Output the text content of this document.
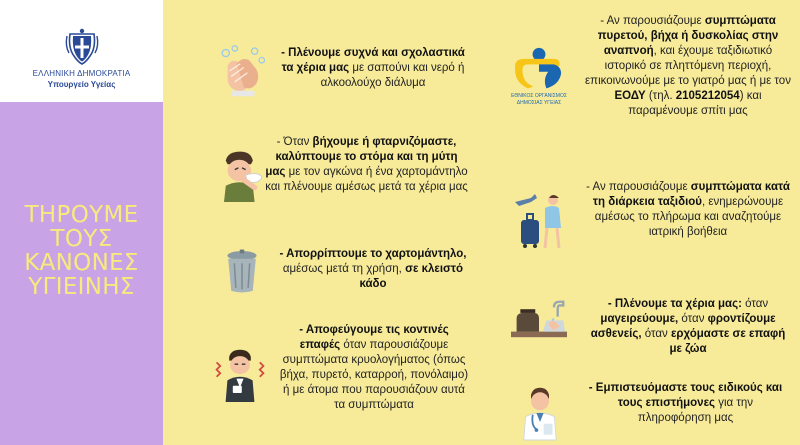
ΕΛΛΗΝΙΚΗ ΔΗΜΟΚΡΑΤΙΑ
Υπουργείο Υγείας
ΤΗΡΟΥΜΕ
ΤΟΥΣ
ΚΑΝΟΝΕΣ
ΥΓΙΕΙΝΗΣ
- Πλένουμε συχνά και σχολαστικά τα χέρια μας με σαπούνι και νερό ή αλκοολούχο διάλυμα
- Όταν βήχουμε ή φταρνιζόμαστε, καλύπτουμε το στόμα και τη μύτη μας με τον αγκώνα ή ένα χαρτομάντηλο και πλένουμε αμέσως μετά τα χέρια μας
- Απορρίπτουμε το χαρτομάντηλο, αμέσως μετά τη χρήση, σε κλειστό κάδο
- Αποφεύγουμε τις κοντινές επαφές όταν παρουσιάζουμε συμπτώματα κρυολογήματος (όπως βήχα, πυρετό, καταρροή, πονόλαιμο) ή με άτομα που παρουσιάζουν αυτά τα συμπτώματα
ΕΘΝΙΚΟΣ ΟΡΓΑΝΙΣΜΟΣ
ΔΗΜΟΣΙΑΣ ΥΓΕΙΑΣ
- Αν παρουσιάζουμε συμπτώματα πυρετού, βήχα ή δυσκολίας στην αναπνοή, και έχουμε ταξιδιωτικό ιστορικό σε πληττόμενη περιοχή, επικοινωνούμε με το γιατρό μας ή με τον ΕΟΔΥ (τηλ. 2105212054) και παραμένουμε σπίτι μας
- Αν παρουσιάζουμε συμπτώματα κατά τη διάρκεια ταξιδιού, ενημερώνουμε αμέσως το πλήρωμα και αναζητούμε ιατρική βοήθεια
- Πλένουμε τα χέρια μας: όταν μαγειρεύουμε, όταν φροντίζουμε ασθενείς, όταν ερχόμαστε σε επαφή με ζώα
- Εμπιστευόμαστε τους ειδικούς και τους επιστήμονες για την πληροφόρηση μας
